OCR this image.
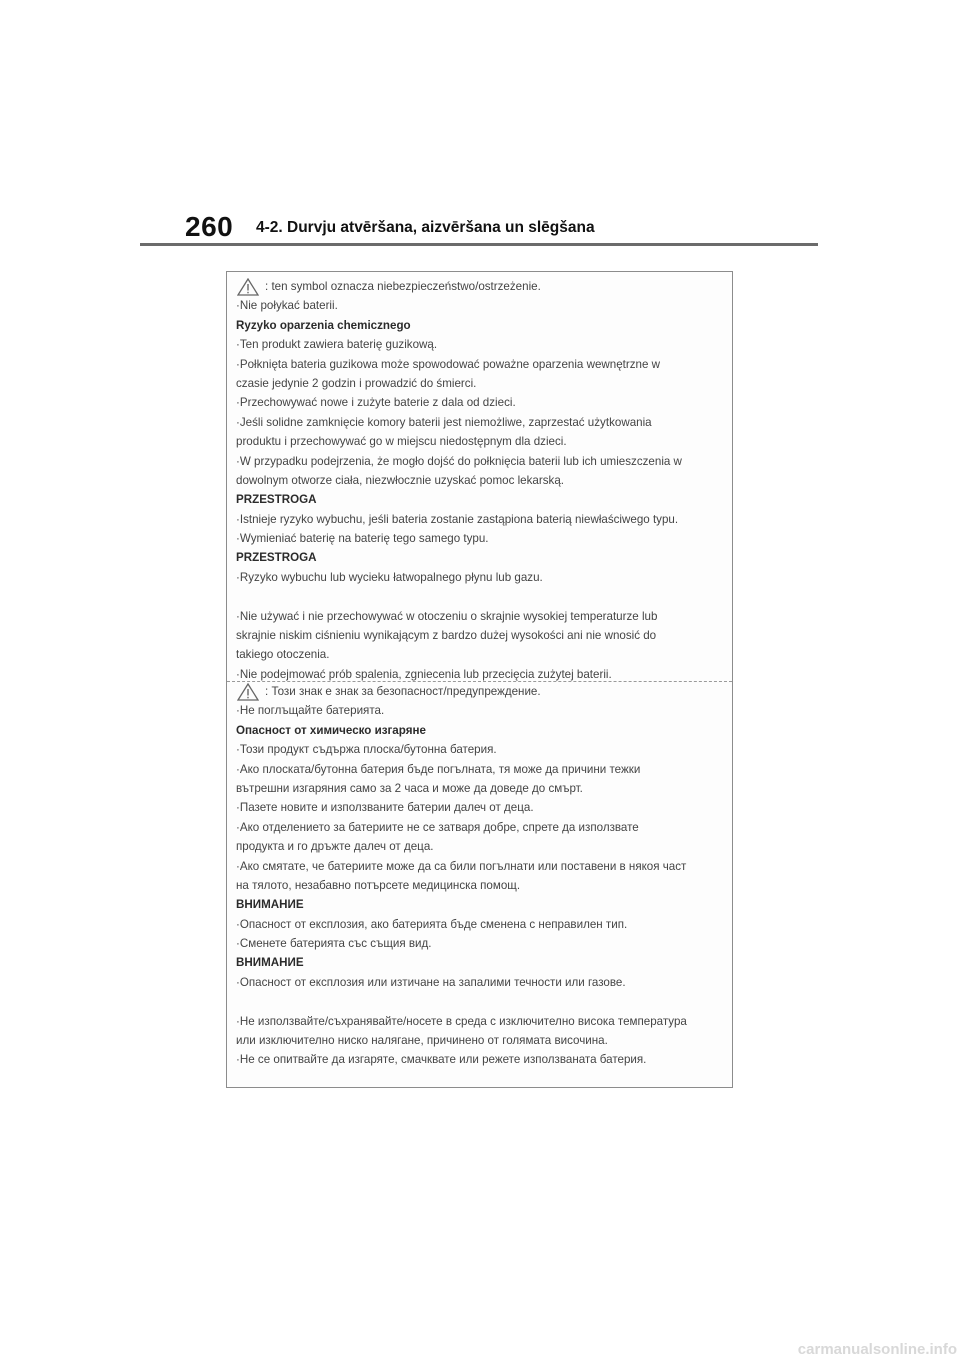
260 4-2. Durvju atvēršana, aizvēršana un slēgšana
: ten symbol oznacza niebezpieczeństwo/ostrzeżenie.
·Nie połykać baterii.
Ryzyko oparzenia chemicznego
·Ten produkt zawiera baterię guzikową.
·Połknięta bateria guzikowa może spowodować poważne oparzenia wewnętrzne w
czasie jedynie 2 godzin i prowadzić do śmierci.
·Przechowywać nowe i zużyte baterie z dala od dzieci.
·Jeśli solidne zamknięcie komory baterii jest niemożliwe, zaprzestać użytkowania
produktu i przechowywać go w miejscu niedostępnym dla dzieci.
·W przypadku podejrzenia, że mogło dojść do połknięcia baterii lub ich umieszczenia w
dowolnym otworze ciała, niezwłocznie uzyskać pomoc lekarską.
PRZESTROGA
·Istnieje ryzyko wybuchu, jeśli bateria zostanie zastąpiona baterią niewłaściwego typu.
·Wymieniać baterię na baterię tego samego typu.
PRZESTROGA
·Ryzyko wybuchu lub wycieku łatwopalnego płynu lub gazu.
·Nie używać i nie przechowywać w otoczeniu o skrajnie wysokiej temperaturze lub
skrajnie niskim ciśnieniu wynikającym z bardzo dużej wysokości ani nie wnosić do
takiego otoczenia.
·Nie podejmować prób spalenia, zgniecenia lub przecięcia zużytej baterii.
: Този знак е знак за безопасност/предупреждение.
·Не поглъщайте батерията.
Опасност от химическо изгаряне
·Този продукт съдържа плоска/бутонна батерия.
·Ако плоската/бутонна батерия бъде погълната, тя може да причини тежки
вътрешни изгаряния само за 2 часа и може да доведе до смърт.
·Пазете новите и използваните батерии далеч от деца.
·Ако отделението за батериите не се затваря добре, спрете да използвате
продукта и го дръжте далеч от деца.
·Ако смятате, че батериите може да са били погълнати или поставени в някоя част
на тялото, незабавно потърсете медицинска помощ.
ВНИМАНИЕ
·Опасност от експлозия, ако батерията бъде сменена с неправилен тип.
·Сменете батерията със същия вид.
ВНИМАНИЕ
·Опасност от експлозия или изтичане на запалими течности или газове.
·Не използвайте/съхранявайте/носете в среда с изключително висока температура
или изключително ниско налягане, причинено от голямата височина.
·Не се опитвайте да изгаряте, смачквате или режете използваната батерия.
carmanualsonline.info
